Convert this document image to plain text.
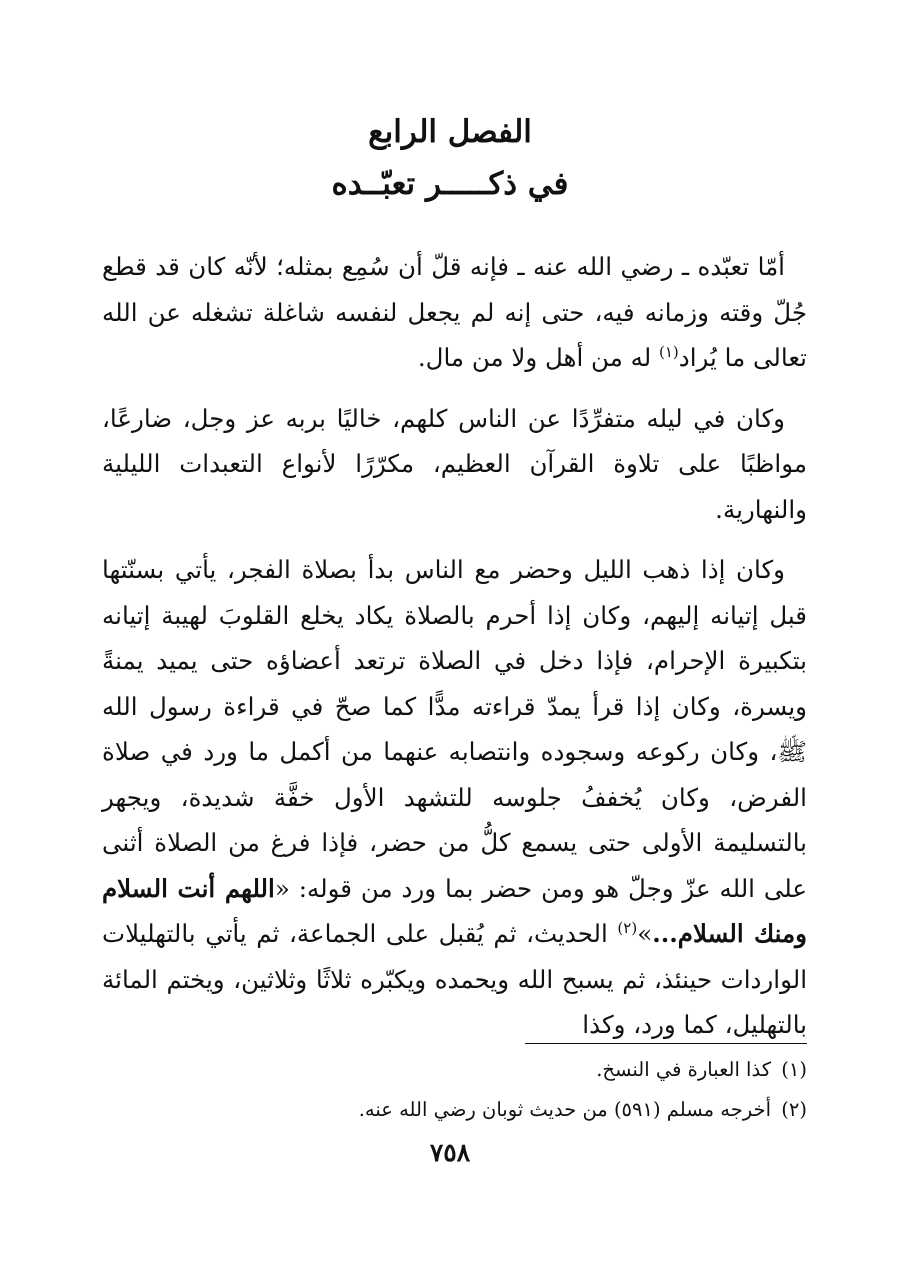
الفصل الرابع

في ذكـــــر تعبّــده

أمّا تعبّده ـ رضي الله عنه ـ فإنه قلّ أن سُمِع بمثله؛ لأنّه كان قد قطع جُلّ وقته وزمانه فيه، حتى إنه لم يجعل لنفسه شاغلة تشغله عن الله تعالى ما يُراد$^{(١)}$ له من أهل ولا من مال.

وكان في ليله متفرِّدًا عن الناس كلهم، خاليًا بربه عز وجل، ضارعًا، مواظبًا على تلاوة القرآن العظيم، مكرّرًا لأنواع التعبدات الليلية والنهارية.

وكان إذا ذهب الليل وحضر مع الناس بدأ بصلاة الفجر، يأتي بسنّتها قبل إتيانه إليهم، وكان إذا أحرم بالصلاة يكاد يخلع القلوبَ لهيبة إتيانه بتكبيرة الإحرام، فإذا دخل في الصلاة ترتعد أعضاؤه حتى يميد يمنةً ويسرة، وكان إذا قرأ يمدّ قراءته مدًّا كما صحّ في قراءة رسول الله ﷺ، وكان ركوعه وسجوده وانتصابه عنهما من أكمل ما ورد في صلاة الفرض، وكان يُخففُ جلوسه للتشهد الأول خفَّة شديدة، ويجهر بالتسليمة الأولى حتى يسمع كلُّ من حضر، فإذا فرغ من الصلاة أثنى على الله عزّ وجلّ هو ومن حضر بما ورد من قوله: «اللهم أنت السلام ومنك السلام...»$^{(٢)}$ الحديث، ثم يُقبل على الجماعة، ثم يأتي بالتهليلات الواردات حينئذ، ثم يسبح الله ويحمده ويكبّره ثلاثًا وثلاثين، ويختم المائة بالتهليل، كما ورد، وكذا

(١)كذا العبارة في النسخ.

(٢)أخرجه مسلم (٥٩١) من حديث ثوبان رضي الله عنه.

٧٥٨
